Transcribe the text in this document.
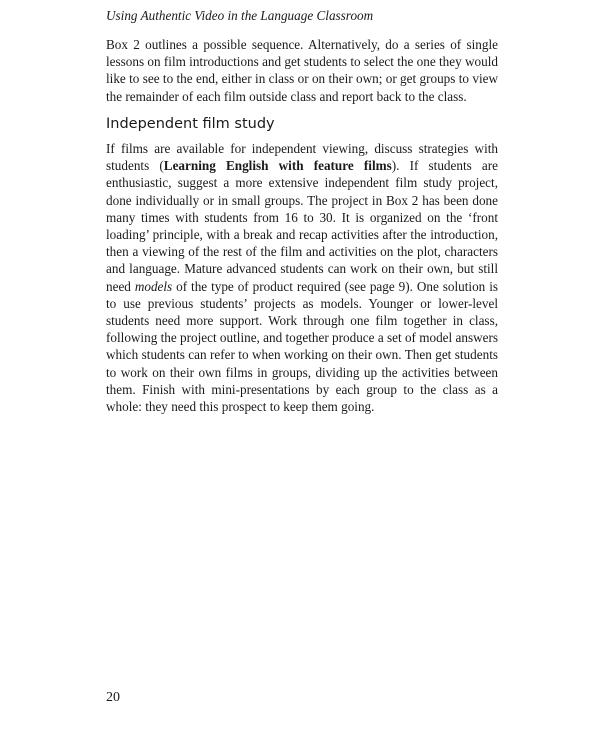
Using Authentic Video in the Language Classroom

Box 2 outlines a possible sequence. Alternatively, do a series of single lessons on film introductions and get students to select the one they would like to see to the end, either in class or on their own; or get groups to view the remainder of each film outside class and report back to the class.

Independent film study

If films are available for independent viewing, discuss strategies with students (Learning English with feature films). If students are enthusiastic, suggest a more extensive independent film study project, done individually or in small groups. The project in Box 2 has been done many times with students from 16 to 30. It is organized on the ‘front loading’ principle, with a break and recap activities after the introduction, then a viewing of the rest of the film and activities on the plot, characters and language. Mature advanced students can work on their own, but still need models of the type of product required (see page 9). One solution is to use previous students’ projects as models. Younger or lower-level students need more support. Work through one film together in class, following the project outline, and together produce a set of model answers which students can refer to when working on their own. Then get students to work on their own films in groups, dividing up the activities between them. Finish with mini-presentations by each group to the class as a whole: they need this prospect to keep them going.

20
